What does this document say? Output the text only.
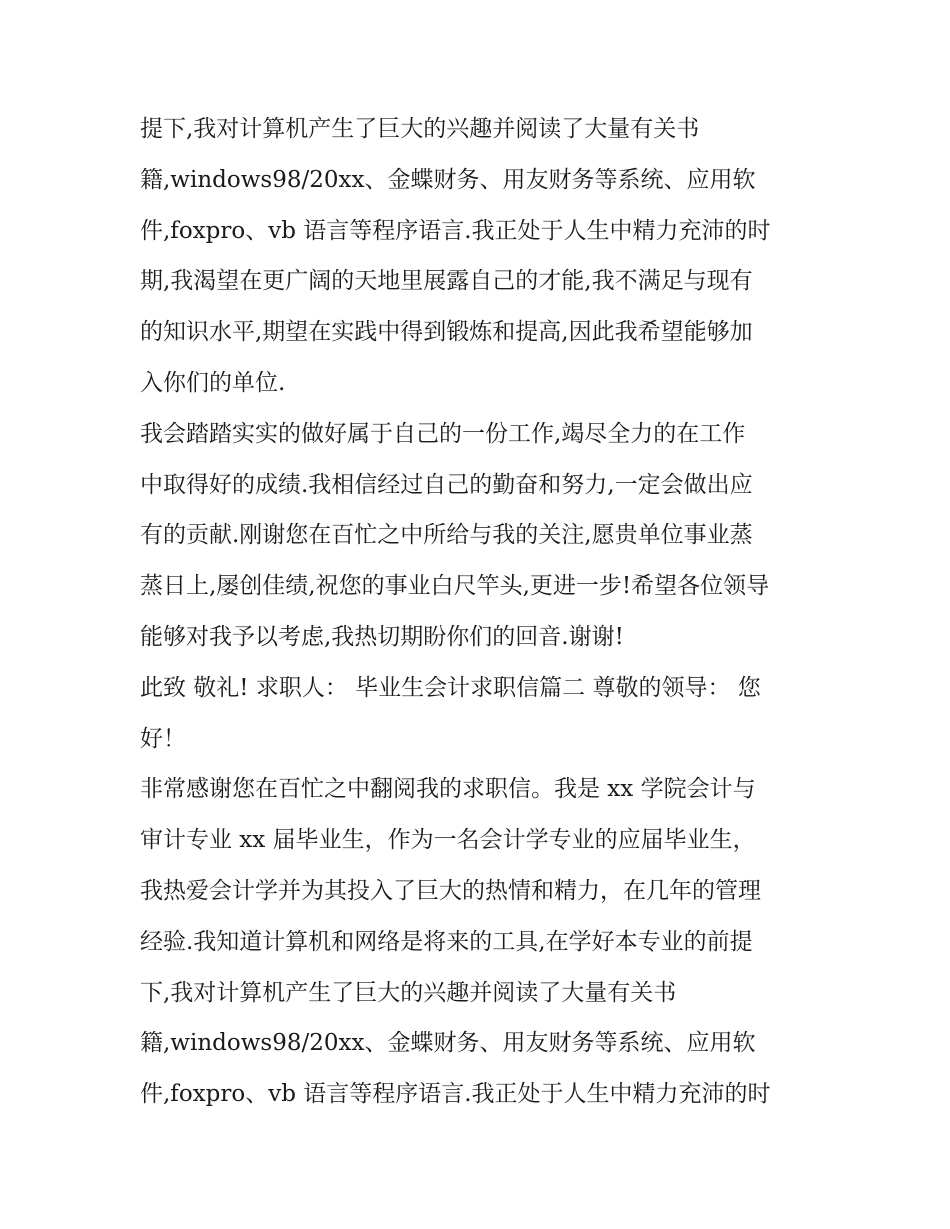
提下,我对计算机产生了巨大的兴趣并阅读了大量有关书
籍,windows98/20xx、金蝶财务、用友财务等系统、应用软
件,foxpro、vb 语言等程序语言.我正处于人生中精力充沛的时
期,我渴望在更广阔的天地里展露自己的才能,我不满足与现有
的知识水平,期望在实践中得到锻炼和提高,因此我希望能够加
入你们的单位.
我会踏踏实实的做好属于自己的一份工作,竭尽全力的在工作
中取得好的成绩.我相信经过自己的勤奋和努力,一定会做出应
有的贡献.刚谢您在百忙之中所给与我的关注,愿贵单位事业蒸
蒸日上,屡创佳绩,祝您的事业白尺竿头,更进一步!希望各位领导
能够对我予以考虑,我热切期盼你们的回音.谢谢!
此致 敬礼! 求职人： 毕业生会计求职信篇二 尊敬的领导： 您
好！
非常感谢您在百忙之中翻阅我的求职信。我是 xx 学院会计与
审计专业 xx 届毕业生，作为一名会计学专业的应届毕业生，
我热爱会计学并为其投入了巨大的热情和精力，在几年的管理
经验.我知道计算机和网络是将来的工具,在学好本专业的前提
下,我对计算机产生了巨大的兴趣并阅读了大量有关书
籍,windows98/20xx、金蝶财务、用友财务等系统、应用软
件,foxpro、vb 语言等程序语言.我正处于人生中精力充沛的时
